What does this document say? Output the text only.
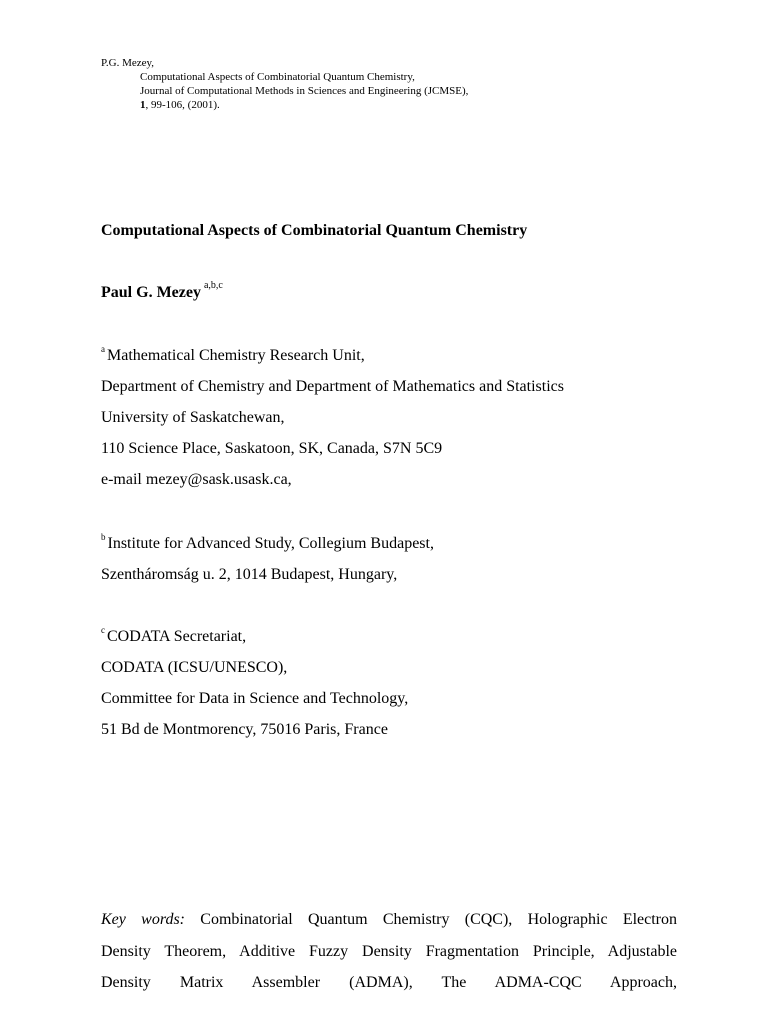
P.G. Mezey,
Computational Aspects of Combinatorial Quantum Chemistry,
Journal of Computational Methods in Sciences and Engineering (JCMSE),
1, 99-106, (2001).
Computational Aspects of Combinatorial Quantum Chemistry
Paul G. Mezey $^{a,b,c}$
$^a$ Mathematical Chemistry Research Unit,
Department of Chemistry and Department of Mathematics and Statistics
University of Saskatchewan,
110 Science Place, Saskatoon, SK, Canada, S7N 5C9
e-mail mezey@sask.usask.ca,
$^b$ Institute for Advanced Study, Collegium Budapest,
Szentháromság u. 2, 1014 Budapest, Hungary,
$^c$ CODATA Secretariat,
CODATA (ICSU/UNESCO),
Committee for Data in Science and Technology,
51 Bd de Montmorency, 75016 Paris, France
Key words: Combinatorial Quantum Chemistry (CQC), Holographic Electron
Density Theorem, Additive Fuzzy Density Fragmentation Principle, Adjustable
Density Matrix Assembler (ADMA), The ADMA-CQC Approach,
